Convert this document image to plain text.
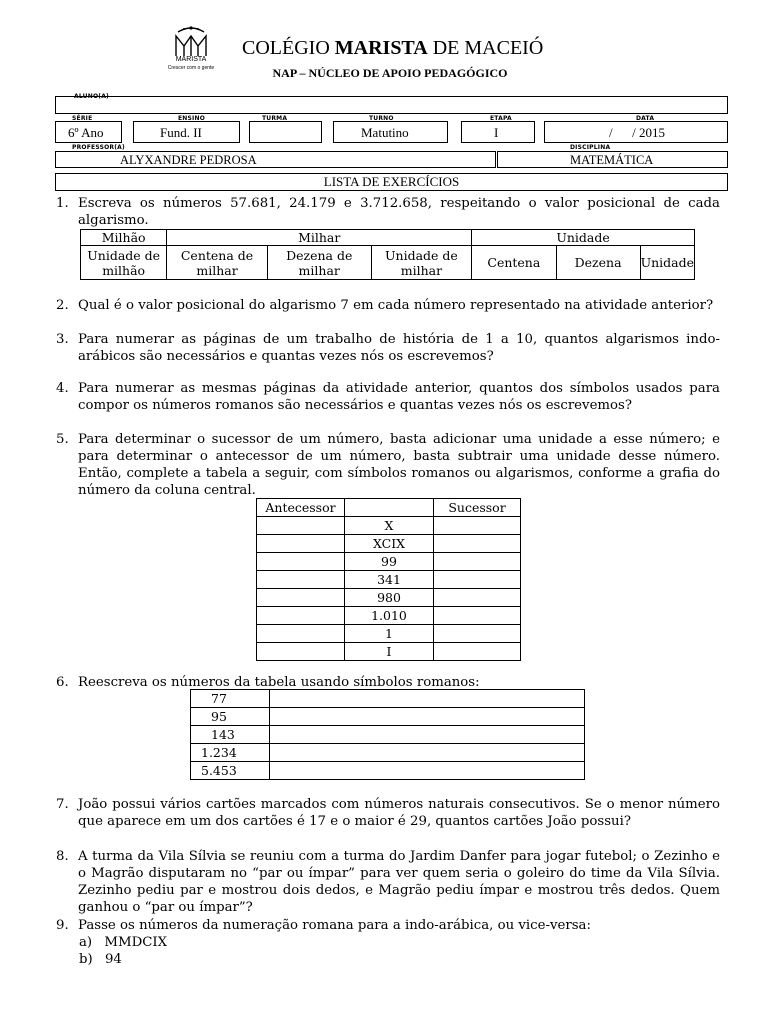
MARISTA
Crescer com o gente
COLÉGIO MARISTA DE MACEIÓ
NAP – NÚCLEO DE APOIO PEDAGÓGICO
ALUNO(A)
SÉRIE
6º Ano
ENSINO
Fund. II
TURMA	TURNO
Matutino
ETAPA
I
DATA
/      / 2015
PROFESSOR(A)
ALYXANDRE PEDROSA
DISCIPLINA
MATEMÁTICA
LISTA DE EXERCÍCIOS
1. Escreva os números 57.681, 24.179 e 3.712.658, respeitando o valor posicional de cada algarismo.
Milhão	Milhar			Unidade		
Unidade de milhão	Centena de milhar	Dezena de milhar	Unidade de milhar	Centena	Dezena	Unidade
2. Qual é o valor posicional do algarismo 7 em cada número representado na atividade anterior?
3. Para numerar as páginas de um trabalho de história de 1 a 10, quantos algarismos indo-arábicos são necessários e quantas vezes nós os escrevemos?
4. Para numerar as mesmas páginas da atividade anterior, quantos dos símbolos usados para compor os números romanos são necessários e quantas vezes nós os escrevemos?
5. Para determinar o sucessor de um número, basta adicionar uma unidade a esse número; e para determinar o antecessor de um número, basta subtrair uma unidade desse número. Então, complete a tabela a seguir, com símbolos romanos ou algarismos, conforme a grafia do número da coluna central.
Antecessor		Sucessor
	X	
	XCIX	
	99	
	341	
	980	
	1.010	
	1	
	I	
6. Reescreva os números da tabela usando símbolos romanos:
77	
95	
143	
1.234	
5.453	
7. João possui vários cartões marcados com números naturais consecutivos. Se o menor número que aparece em um dos cartões é 17 e o maior é 29, quantos cartões João possui?
8. A turma da Vila Sílvia se reuniu com a turma do Jardim Danfer para jogar futebol; o Zezinho e o Magrão disputaram no “par ou ímpar” para ver quem seria o goleiro do time da Vila Sílvia. Zezinho pediu par e mostrou dois dedos, e Magrão pediu ímpar e mostrou três dedos. Quem ganhou o “par ou ímpar”?
9. Passe os números da numeração romana para a indo-arábica, ou vice-versa:
a) MMDCIX
b) 94
